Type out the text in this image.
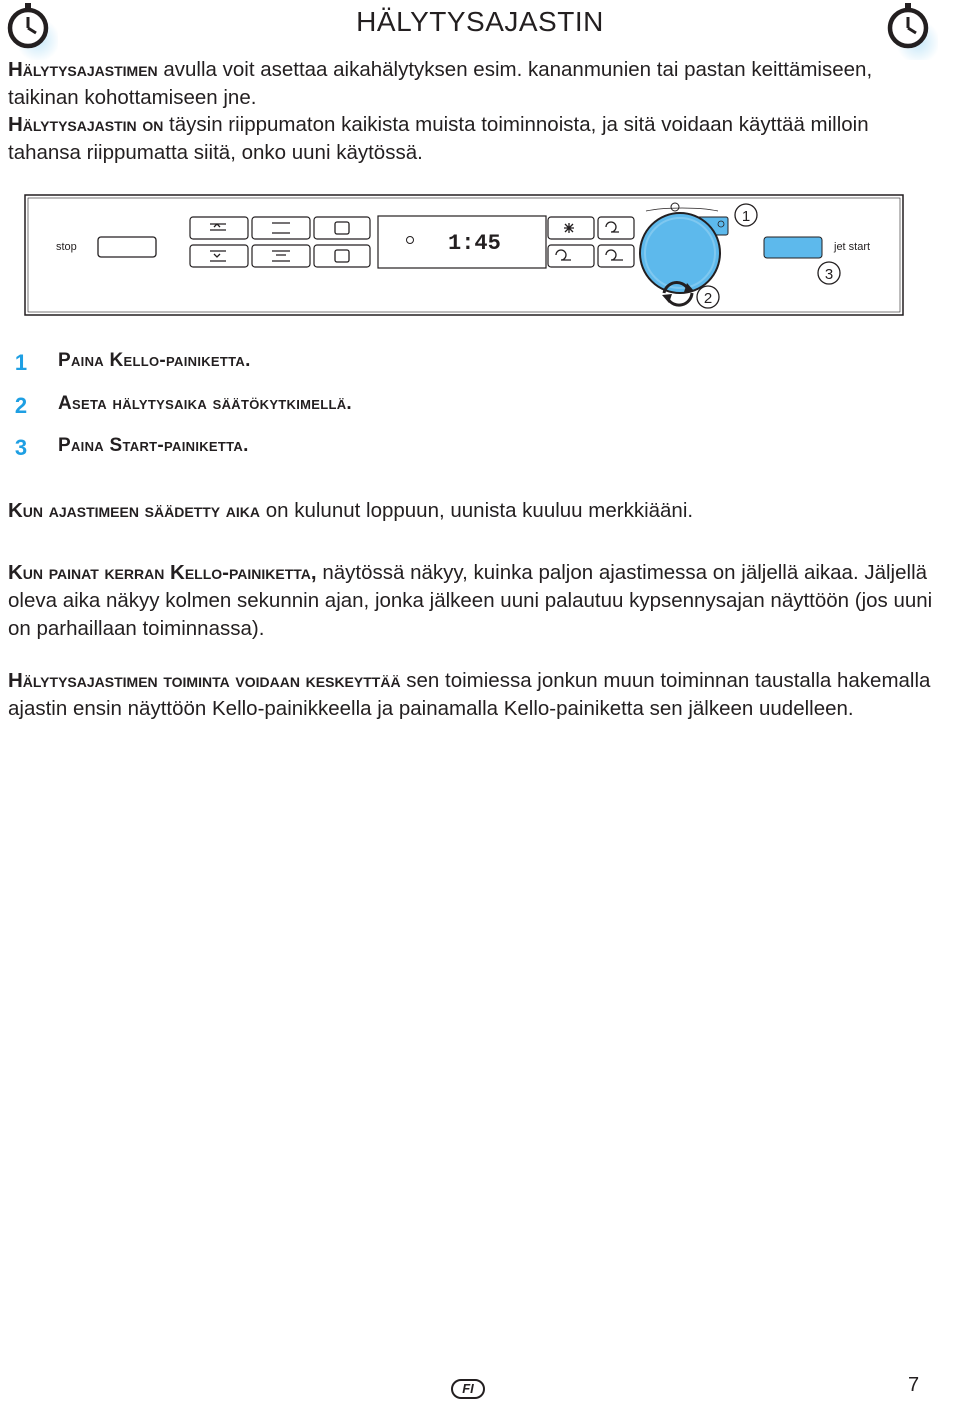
HÄLYTYSAJASTIN
Hälytysajastimen avulla voit asettaa aikahälytyksen esim. kananmunien tai pastan keittämiseen, taikinan kohottamiseen jne.
Hälytysajastin on täysin riippumaton kaikista muista toiminnoista, ja sitä voidaan käyttää milloin tahansa riippumatta siitä, onko uuni käytössä.
stop	1:45	jet start
1
2
3
1	Paina Kello-painiketta.
2	Aseta hälytysaika säätökytkimellä.
3	Paina Start-painiketta.
Kun ajastimeen säädetty aika on kulunut loppuun, uunista kuuluu merkkiääni.
Kun painat kerran Kello-painiketta, näytössä näkyy, kuinka paljon ajastimessa on jäljellä aikaa. Jäljellä oleva aika näkyy kolmen sekunnin ajan, jonka jälkeen uuni palautuu kypsennysajan näyttöön (jos uuni on parhaillaan toiminnassa).
Hälytysajastimen toiminta voidaan keskeyttää sen toimiessa jonkun muun toiminnan taustalla hakemalla ajastin ensin näyttöön Kello-painikkeella ja painamalla Kello-painiketta sen jälkeen uudelleen.
FI	7
